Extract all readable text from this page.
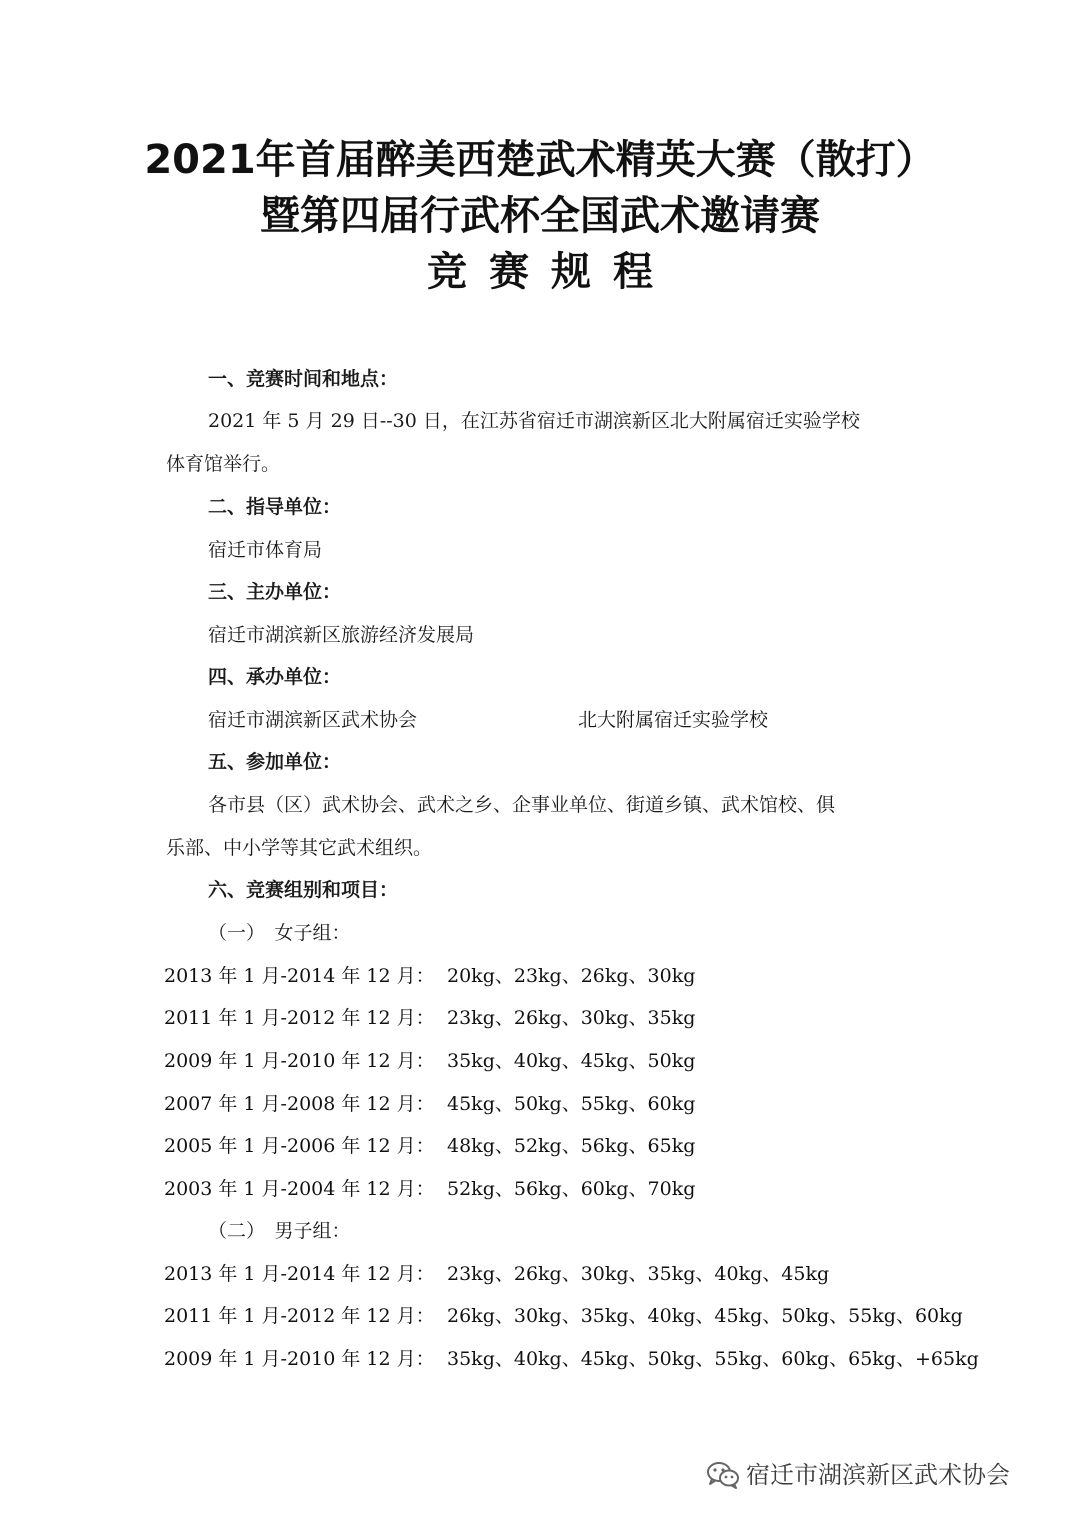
2021年首届醉美西楚武术精英大赛（散打）
暨第四届行武杯全国武术邀请赛
竞赛规程
一、竞赛时间和地点：
2021 年 5 月 29 日--30 日，在江苏省宿迁市湖滨新区北大附属宿迁实验学校
体育馆举行。
二、指导单位：
宿迁市体育局
三、主办单位：
宿迁市湖滨新区旅游经济发展局
四、承办单位：
宿迁市湖滨新区武术协会	北大附属宿迁实验学校
五、参加单位：
各市县（区）武术协会、武术之乡、企事业单位、街道乡镇、武术馆校、俱
乐部、中小学等其它武术组织。
六、竞赛组别和项目：
（一）　女子组：
2013 年 1 月-2014 年 12 月： 20kg、23kg、26kg、30kg
2011 年 1 月-2012 年 12 月： 23kg、26kg、30kg、35kg
2009 年 1 月-2010 年 12 月： 35kg、40kg、45kg、50kg
2007 年 1 月-2008 年 12 月： 45kg、50kg、55kg、60kg
2005 年 1 月-2006 年 12 月： 48kg、52kg、56kg、65kg
2003 年 1 月-2004 年 12 月： 52kg、56kg、60kg、70kg
（二）　男子组：
2013 年 1 月-2014 年 12 月： 23kg、26kg、30kg、35kg、40kg、45kg
2011 年 1 月-2012 年 12 月： 26kg、30kg、35kg、40kg、45kg、50kg、55kg、60kg
2009 年 1 月-2010 年 12 月： 35kg、40kg、45kg、50kg、55kg、60kg、65kg、+65kg
宿迁市湖滨新区武术协会
